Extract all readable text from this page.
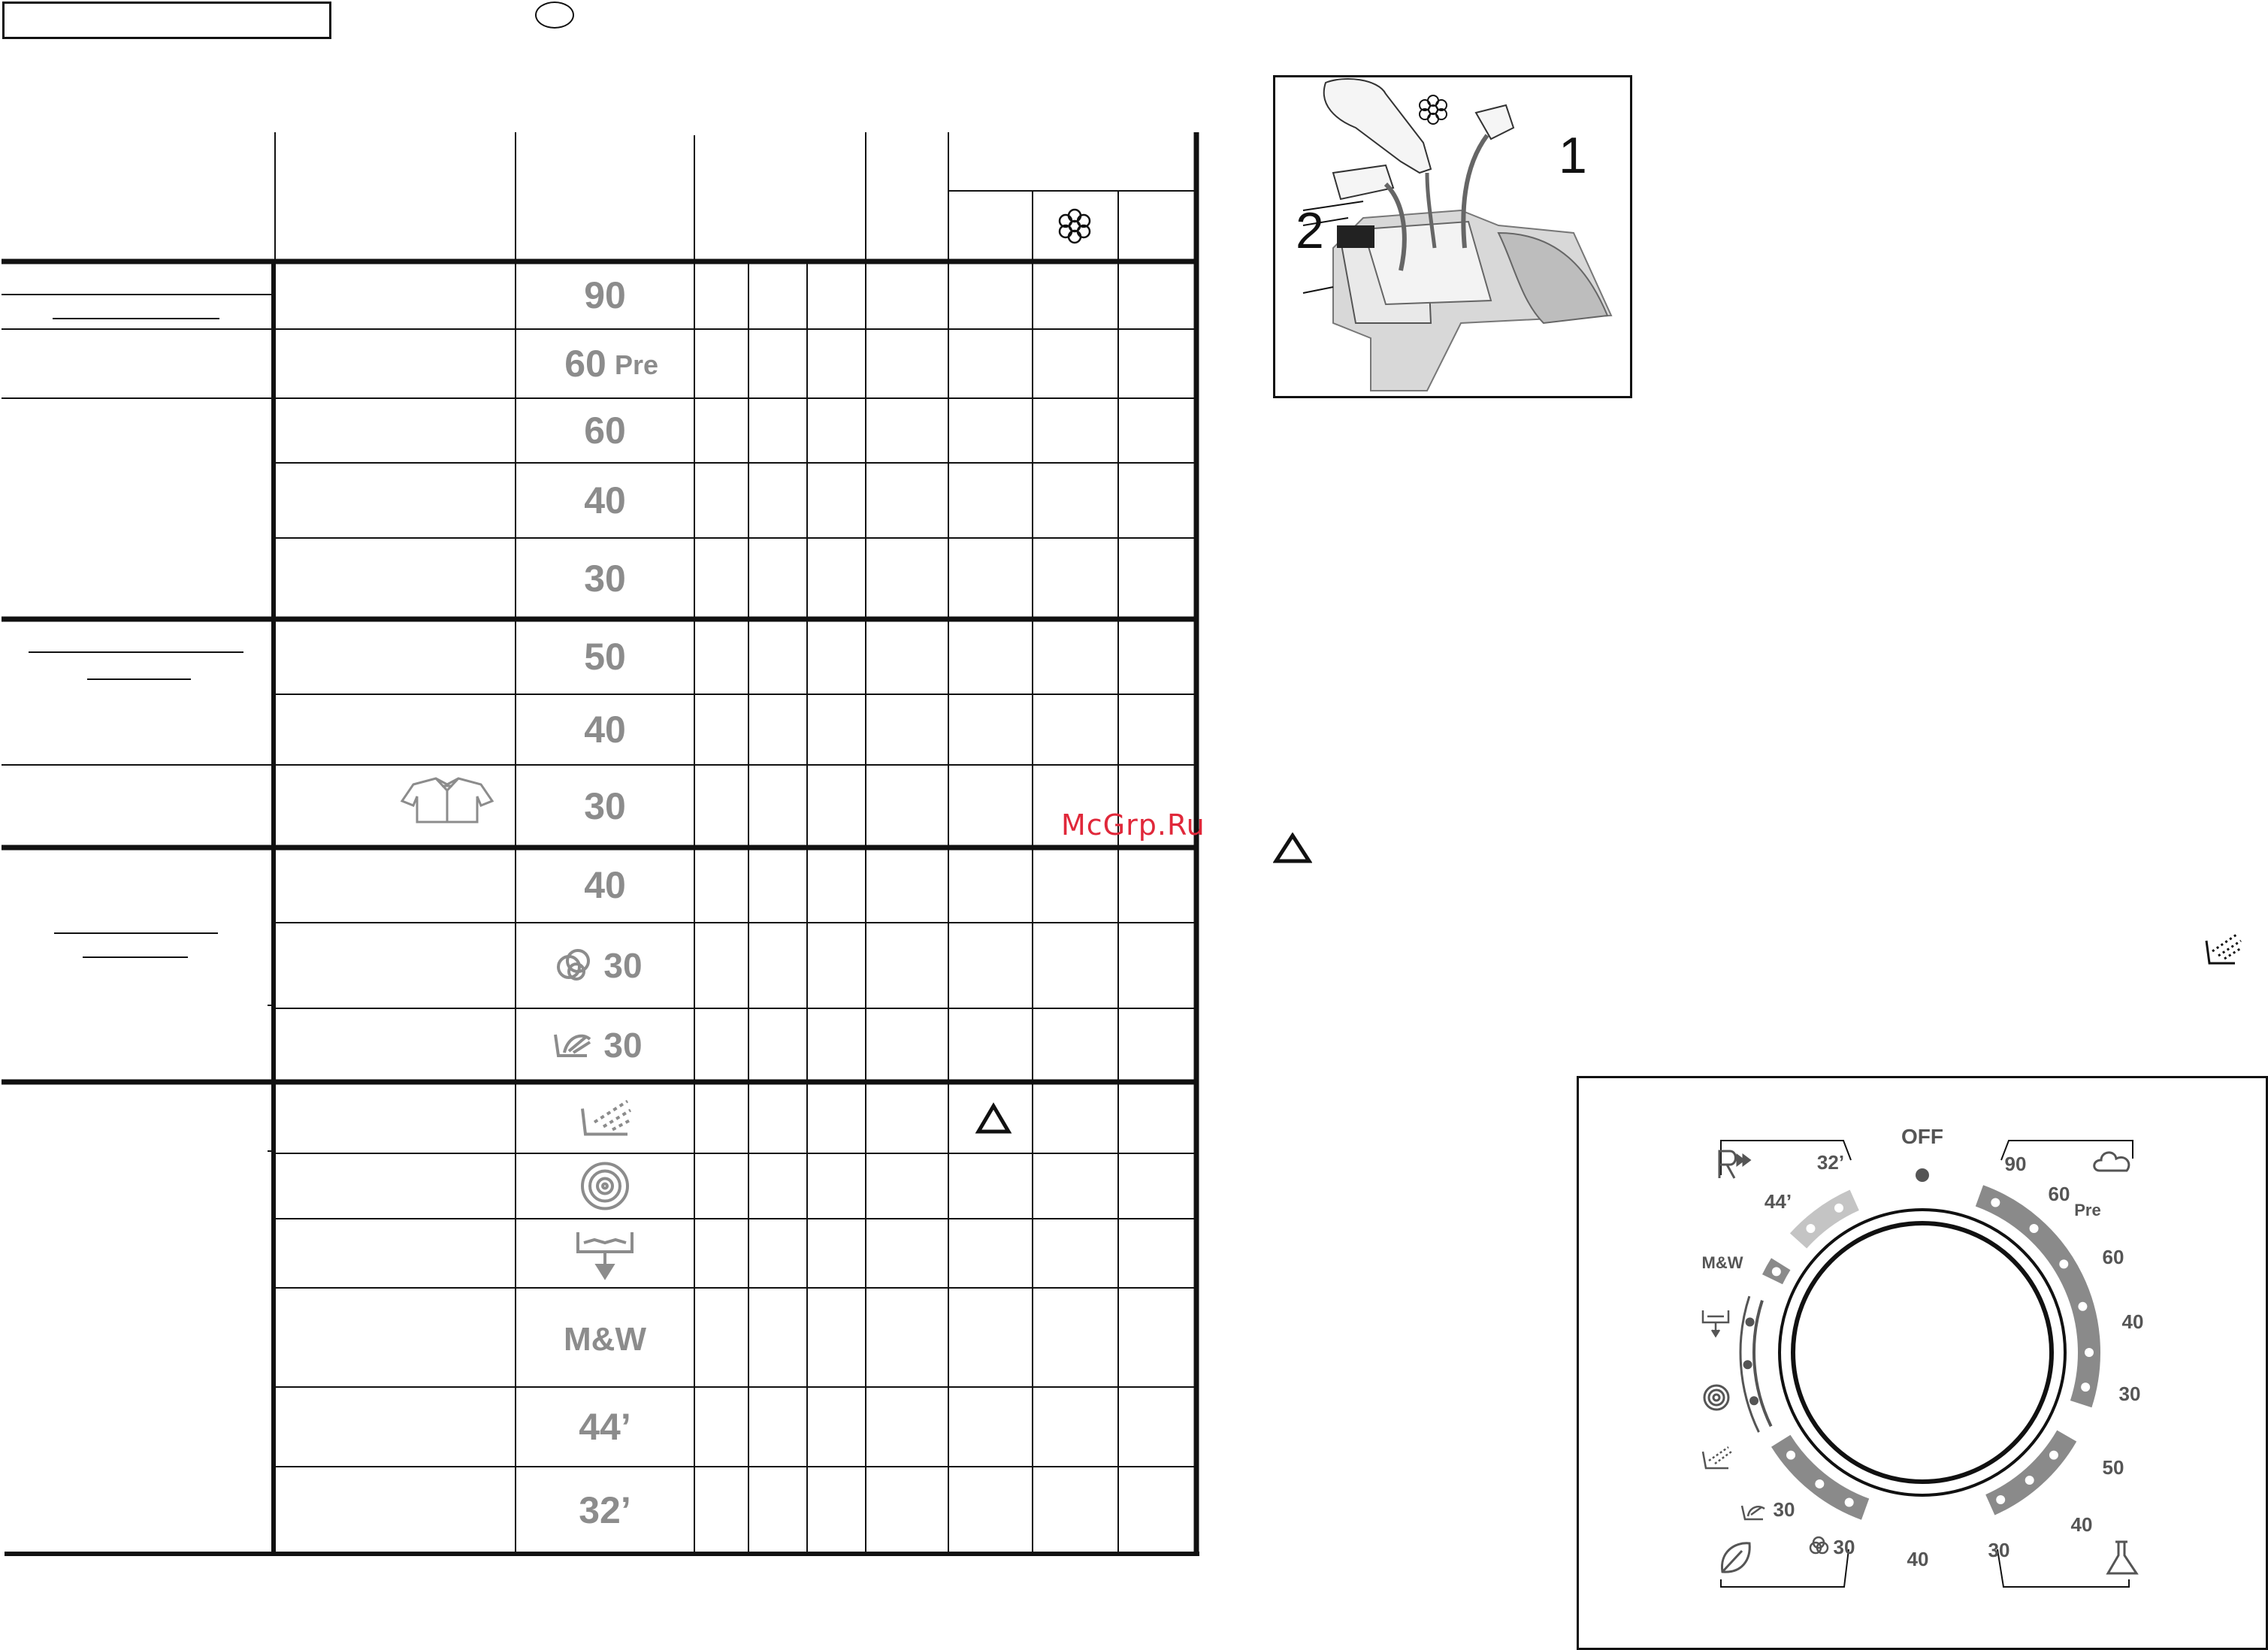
90
Pre
60
60
40
30
50
40
30
40
30
30
M&W
44’
32’
McGrp.Ru
1
2
OFF
32’
44’
M&W
90
60
Pre
60
40
30
50
40
30
30
30
40
